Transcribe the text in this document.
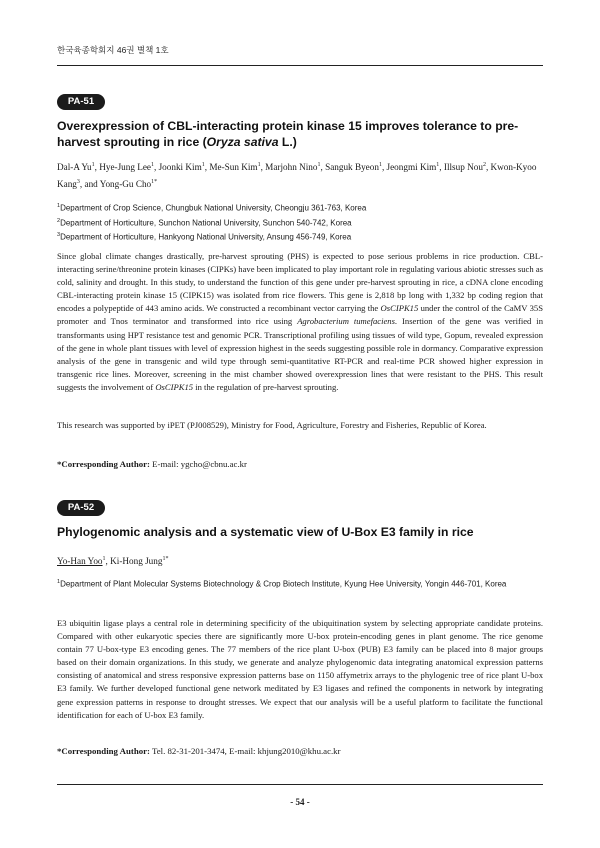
한국육종학회지 46권 별책 1호
PA-51
Overexpression of CBL-interacting protein kinase 15 improves tolerance to pre-harvest sprouting in rice (Oryza sativa L.)
Dal-A Yu$^1$, Hye-Jung Lee$^1$, Joonki Kim$^1$, Me-Sun Kim$^1$, Marjohn Nino$^1$, Sanguk Byeon$^1$, Jeongmi Kim$^1$, Illsup Nou$^2$, Kwon-Kyoo Kang$^3$, and Yong-Gu Cho$^{1*}$
$^1$Department of Crop Science, Chungbuk National University, Cheongju 361-763, Korea
$^2$Department of Horticulture, Sunchon National University, Sunchon 540-742, Korea
$^3$Department of Horticulture, Hankyong National University, Ansung 456-749, Korea

Since global climate changes drastically, pre-harvest sprouting (PHS) is expected to pose serious problems in rice production. CBL-interacting serine/threonine protein kinases (CIPKs) have been implicated to play important role in regulating various abiotic stresses such as cold, salinity and drought. In this study, to understand the function of this gene under pre-harvest sprouting in rice, a cDNA clone encoding CBL-interacting protein kinase 15 (CIPK15) was isolated from rice flowers. This gene is 2,818 bp long with 1,332 bp coding region that encodes a polypeptide of 443 amino acids. We constructed a recombinant vector carrying the OsCIPK15 under the control of the CaMV 35S promoter and Tnos terminator and transformed into rice using Agrobacterium tumefaciens. Insertion of the gene was verified in transformants using HPT resistance test and genomic PCR. Transcriptional profiling using tissues of wild type, Gopum, revealed expression of the gene in whole plant tissues with level of expression highest in the seeds suggesting possible role in dormancy. Comparative expression analysis of the gene in transgenic and wild type through semi-quantitative RT-PCR and real-time PCR showed higher expression in transgenic rice lines. Moreover, screening in the mist chamber showed overexpression lines that were resistant to the PHS. This result suggests the involvement of OsCIPK15 in the regulation of pre-harvest sprouting.

This research was supported by iPET (PJ008529), Ministry for Food, Agriculture, Forestry and Fisheries, Republic of Korea.

*Corresponding Author: E-mail: ygcho@cbnu.ac.kr
PA-52
Phylogenomic analysis and a systematic view of U-Box E3 family in rice
Yo-Han Yoo$^1$, Ki-Hong Jung$^{1*}$
$^1$Department of Plant Molecular Systems Biotechnology & Crop Biotech Institute, Kyung Hee University, Yongin 446-701, Korea

E3 ubiquitin ligase plays a central role in determining specificity of the ubiquitination system by selecting appropriate candidate proteins. Compared with other eukaryotic species there are significantly more U-box protein-encoding genes in plant genome. The rice genome contain 77 U-box-type E3 encoding genes. The 77 members of the rice plant U-box (PUB) E3 family can be placed into 8 major groups based on their domain organizations. In this study, we generate and analyze phylogenomic data integrating anatomical expression patterns consisting of anatomical and stress responsive expression patterns base on 1150 affymetrix arrays to the phylogenic tree of rice plant U-box E3 family. We further developed functional gene network meditated by E3 ligases and refined the components in network by integrating gene expression patterns in response to drought stresses. We expect that our analysis will be a useful platform to facilitate the functional identification for each of U-box E3 family.

*Corresponding Author: Tel. 82-31-201-3474, E-mail: khjung2010@khu.ac.kr
- 54 -
